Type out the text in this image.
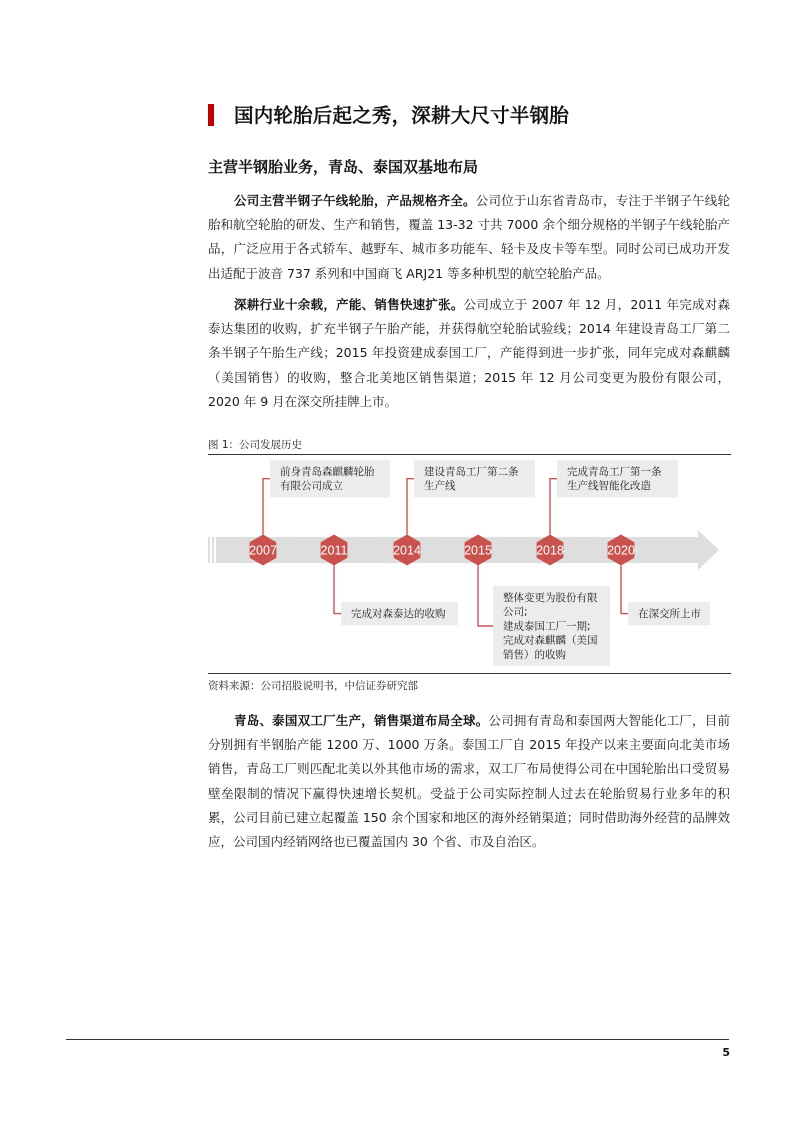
国内轮胎后起之秀，深耕大尺寸半钢胎
主营半钢胎业务，青岛、泰国双基地布局

公司主营半钢子午线轮胎，产品规格齐全。公司位于山东省青岛市，专注于半钢子午线轮胎和航空轮胎的研发、生产和销售，覆盖 13-32 寸共 7000 余个细分规格的半钢子午线轮胎产品，广泛应用于各式轿车、越野车、城市多功能车、轻卡及皮卡等车型。同时公司已成功开发出适配于波音 737 系列和中国商飞 ARJ21 等多种机型的航空轮胎产品。

深耕行业十余载，产能、销售快速扩张。公司成立于 2007 年 12 月，2011 年完成对森泰达集团的收购，扩充半钢子午胎产能，并获得航空轮胎试验线；2014 年建设青岛工厂第二条半钢子午胎生产线；2015 年投资建成泰国工厂，产能得到进一步扩张，同年完成对森麒麟（美国销售）的收购，整合北美地区销售渠道；2015 年 12 月公司变更为股份有限公司，2020 年 9 月在深交所挂牌上市。

图 1：公司发展历史
前身青岛森麒麟轮胎有限公司成立
完成对森泰达的收购
建设青岛工厂第二条生产线
整体变更为股份有限公司;建成泰国工厂一期;完成对森麒麟（美国销售）的收购
完成青岛工厂第一条生产线智能化改造
在深交所上市
2007	2011	2014	2015	2018	2020
资料来源：公司招股说明书，中信证券研究部

青岛、泰国双工厂生产，销售渠道布局全球。公司拥有青岛和泰国两大智能化工厂，目前分别拥有半钢胎产能 1200 万、1000 万条。泰国工厂自 2015 年投产以来主要面向北美市场销售，青岛工厂则匹配北美以外其他市场的需求，双工厂布局使得公司在中国轮胎出口受贸易壁垒限制的情况下赢得快速增长契机。受益于公司实际控制人过去在轮胎贸易行业多年的积累，公司目前已建立起覆盖 150 余个国家和地区的海外经销渠道；同时借助海外经营的品牌效应，公司国内经销网络也已覆盖国内 30 个省、市及自治区。

5
